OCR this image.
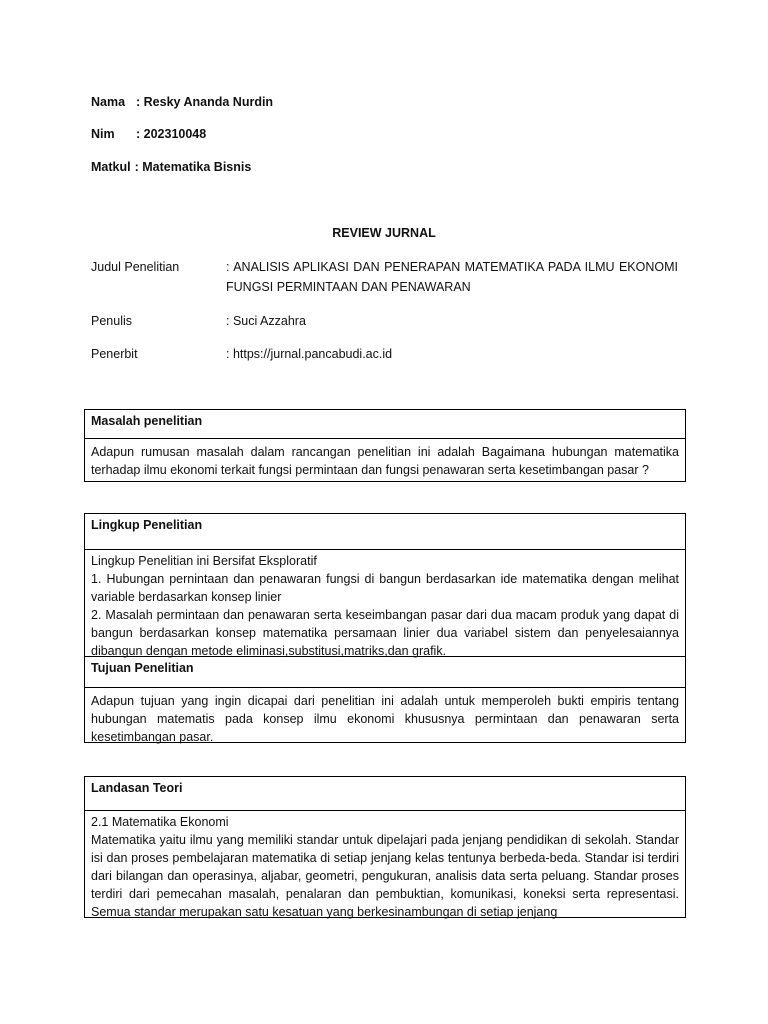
Nama : Resky Ananda Nurdin
Nim : 202310048
Matkul : Matematika Bisnis
REVIEW JURNAL
Judul Penelitian	: ANALISIS APLIKASI DAN PENERAPAN MATEMATIKA PADA ILMU EKONOMI FUNGSI PERMINTAAN DAN PENAWARAN
Penulis	: Suci Azzahra
Penerbit	: https://jurnal.pancabudi.ac.id
Masalah penelitian

Adapun rumusan masalah dalam rancangan penelitian ini adalah Bagaimana hubungan matematika terhadap ilmu ekonomi terkait fungsi permintaan dan fungsi penawaran serta kesetimbangan pasar ?

Lingkup Penelitian

Lingkup Penelitian ini Bersifat Eksploratif

1. Hubungan pernintaan dan penawaran fungsi di bangun berdasarkan ide matematika dengan melihat variable berdasarkan konsep linier

2. Masalah permintaan dan penawaran serta keseimbangan pasar dari dua macam produk yang dapat di bangun berdasarkan konsep matematika persamaan linier dua variabel sistem dan penyelesaiannya dibangun dengan metode eliminasi,substitusi,matriks,dan grafik.

Tujuan Penelitian

Adapun tujuan yang ingin dicapai dari penelitian ini adalah untuk memperoleh bukti empiris tentang hubungan matematis pada konsep ilmu ekonomi khususnya permintaan dan penawaran serta kesetimbangan pasar.

Landasan Teori

2.1 Matematika Ekonomi

Matematika yaitu ilmu yang memiliki standar untuk dipelajari pada jenjang pendidikan di sekolah. Standar isi dan proses pembelajaran matematika di setiap jenjang kelas tentunya berbeda-beda. Standar isi terdiri dari bilangan dan operasinya, aljabar, geometri, pengukuran, analisis data serta peluang. Standar proses terdiri dari pemecahan masalah, penalaran dan pembuktian, komunikasi, koneksi serta representasi. Semua standar merupakan satu kesatuan yang berkesinambungan di setiap jenjang
